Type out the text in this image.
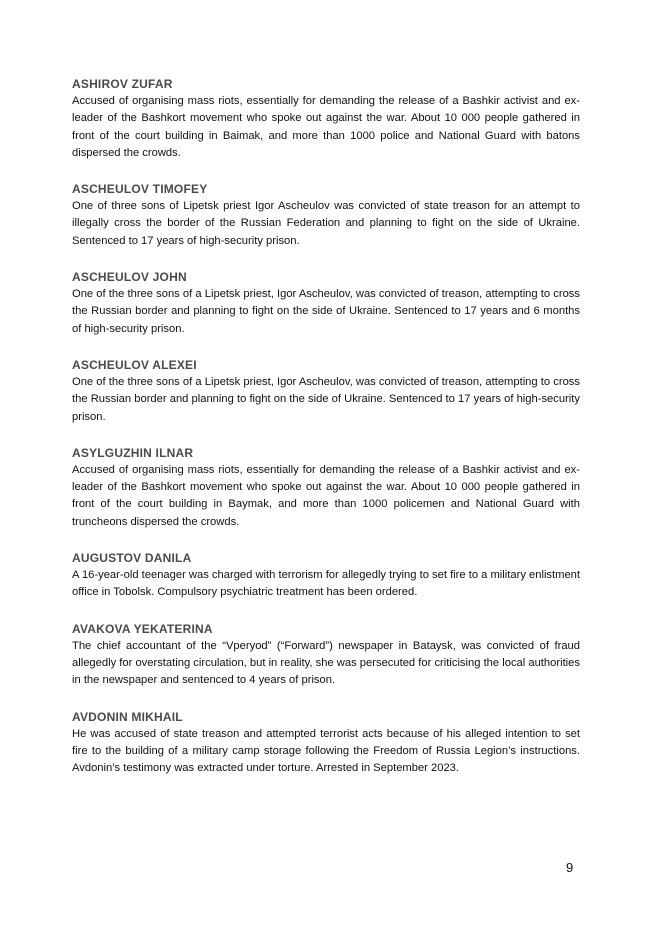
ASHIROV ZUFAR

Accused of organising mass riots, essentially for demanding the release of a Bashkir activist and ex-leader of the Bashkort movement who spoke out against the war. About 10 000 people gathered in front of the court building in Baimak, and more than 1000 police and National Guard with batons dispersed the crowds.

ASCHEULOV TIMOFEY

One of three sons of Lipetsk priest Igor Ascheulov was convicted of state treason for an attempt to illegally cross the border of the Russian Federation and planning to fight on the side of Ukraine. Sentenced to 17 years of high-security prison.

ASCHEULOV JOHN

One of the three sons of a Lipetsk priest, Igor Ascheulov, was convicted of treason, attempting to cross the Russian border and planning to fight on the side of Ukraine. Sentenced to 17 years and 6 months of high-security prison.

ASCHEULOV ALEXEI

One of the three sons of a Lipetsk priest, Igor Ascheulov, was convicted of treason, attempting to cross the Russian border and planning to fight on the side of Ukraine. Sentenced to 17 years of high-security prison.

ASYLGUZHIN ILNAR

Accused of organising mass riots, essentially for demanding the release of a Bashkir activist and ex-leader of the Bashkort movement who spoke out against the war. About 10 000 people gathered in front of the court building in Baymak, and more than 1000 policemen and National Guard with truncheons dispersed the crowds.

AUGUSTOV DANILA

A 16-year-old teenager was charged with terrorism for allegedly trying to set fire to a military enlistment office in Tobolsk. Compulsory psychiatric treatment has been ordered.

AVAKOVA YEKATERINA

The chief accountant of the “Vperyod” (“Forward”) newspaper in Bataysk, was convicted of fraud allegedly for overstating circulation, but in reality, she was persecuted for criticising the local authorities in the newspaper and sentenced to 4 years of prison.

AVDONIN MIKHAIL

He was accused of state treason and attempted terrorist acts because of his alleged intention to set fire to the building of a military camp storage following the Freedom of Russia Legion’s instructions. Avdonin’s testimony was extracted under torture. Arrested in September 2023.

9
